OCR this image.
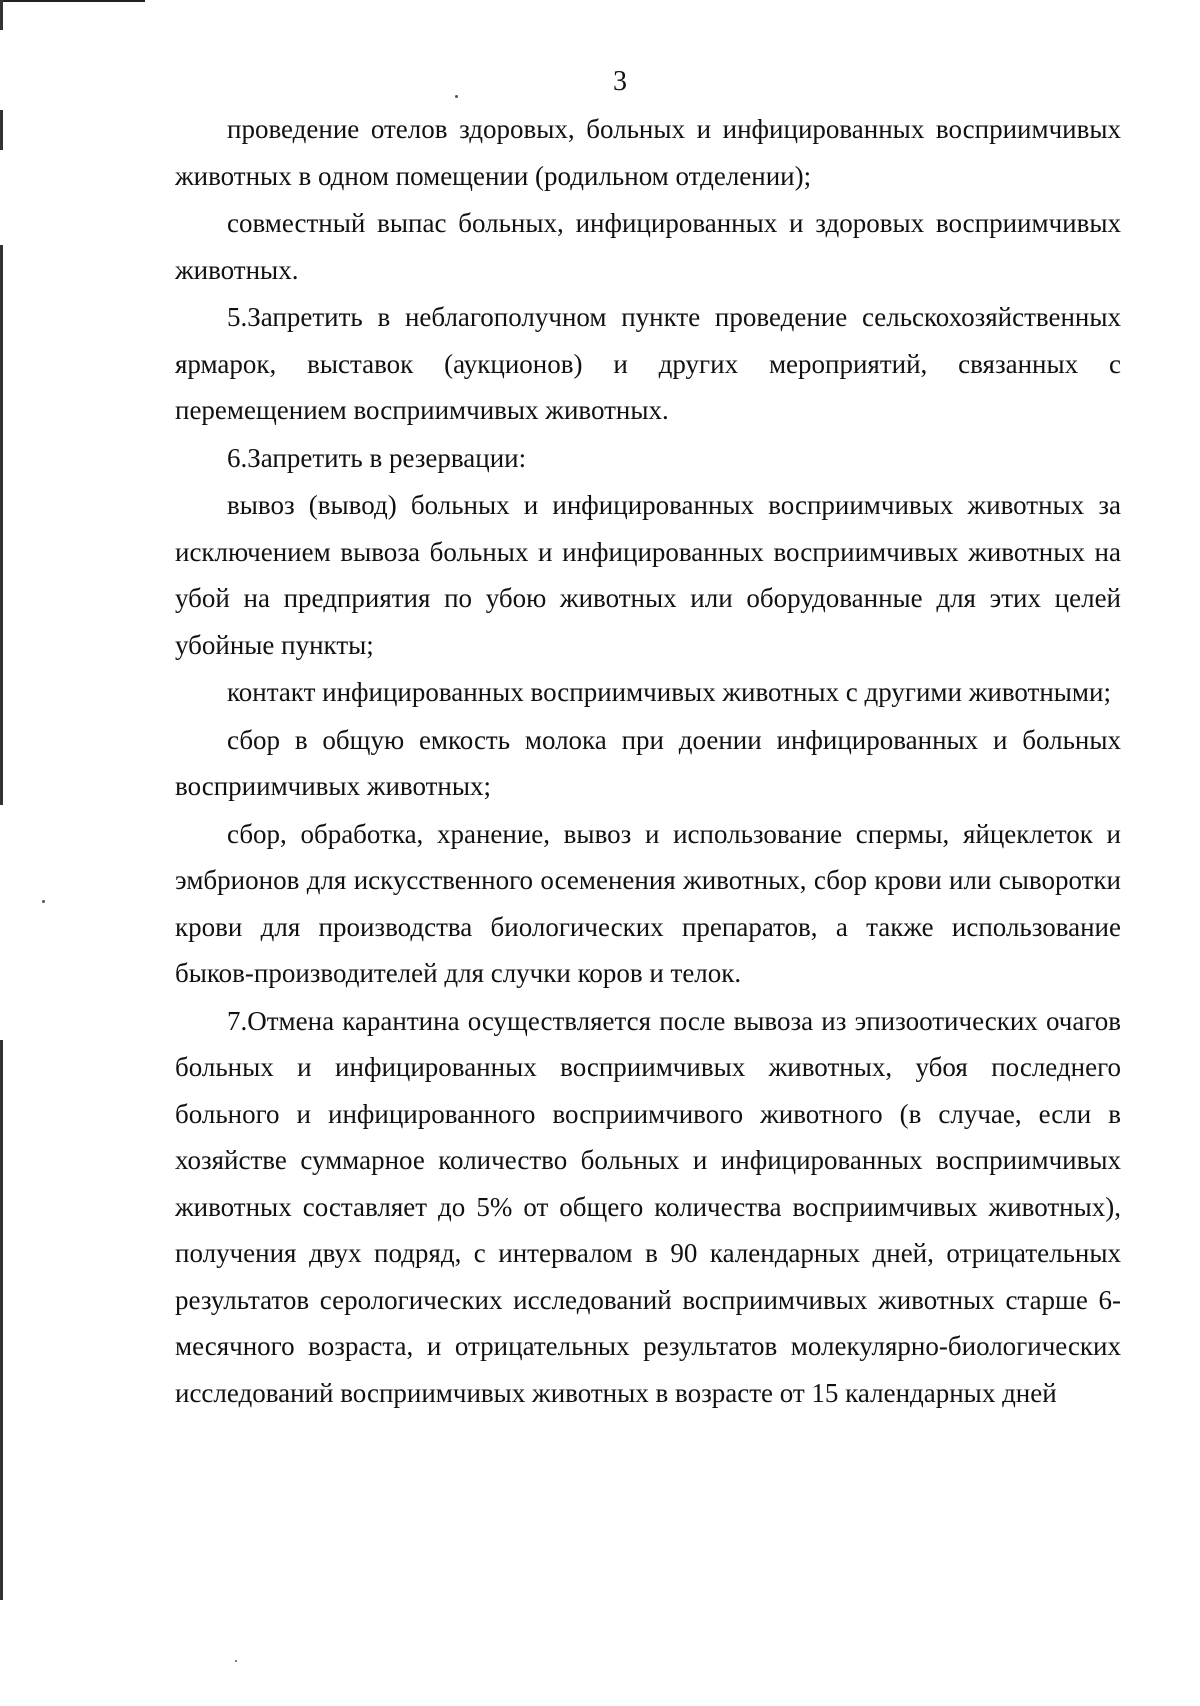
3

проведение отелов здоровых, больных и инфицированных восприимчивых животных в одном помещении (родильном отделении);

совместный выпас больных, инфицированных и здоровых восприимчивых животных.

5.Запретить в неблагополучном пункте проведение сельскохозяйственных ярмарок, выставок (аукционов) и других мероприятий, связанных с перемещением восприимчивых животных.

6.Запретить в резервации:

вывоз (вывод) больных и инфицированных восприимчивых животных за исключением вывоза больных и инфицированных восприимчивых животных на убой на предприятия по убою животных или оборудованные для этих целей убойные пункты;

контакт инфицированных восприимчивых животных с другими животными;

сбор в общую емкость молока при доении инфицированных и больных восприимчивых животных;

сбор, обработка, хранение, вывоз и использование спермы, яйцеклеток и эмбрионов для искусственного осеменения животных, сбор крови или сыворотки крови для производства биологических препаратов, а также использование быков-производителей для случки коров и телок.

7.Отмена карантина осуществляется после вывоза из эпизоотических очагов больных и инфицированных восприимчивых животных, убоя последнего больного и инфицированного восприимчивого животного (в случае, если в хозяйстве суммарное количество больных и инфицированных восприимчивых животных составляет до 5% от общего количества восприимчивых животных), получения двух подряд, с интервалом в 90 календарных дней, отрицательных результатов серологических исследований восприимчивых животных старше 6-месячного возраста, и отрицательных результатов молекулярно-биологических исследований восприимчивых животных в возрасте от 15 календарных дней
